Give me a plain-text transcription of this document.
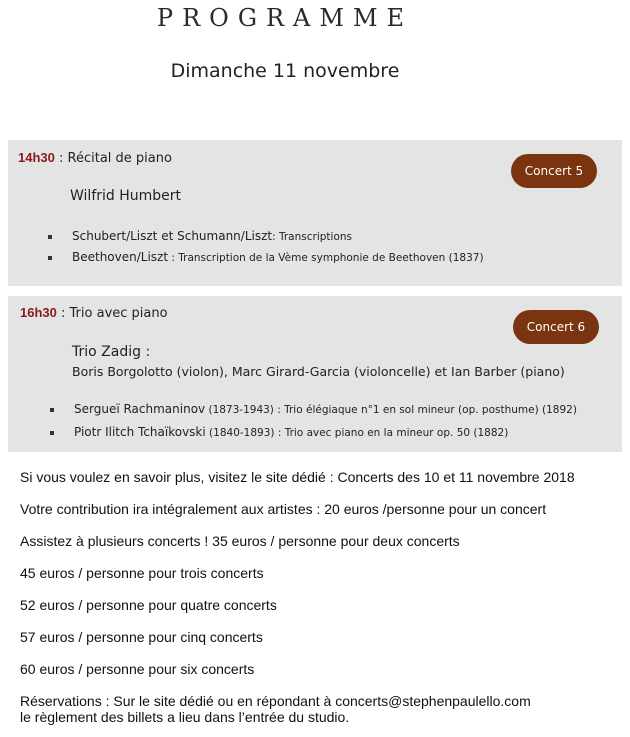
PROGRAMME
Dimanche 11 novembre
14h30 : Récital de piano
Concert 5
Wilfrid Humbert
Schubert/Liszt et Schumann/Liszt: Transcriptions
Beethoven/Liszt : Transcription de la Vème symphonie de Beethoven (1837)
16h30 : Trio avec piano
Concert 6
Trio Zadig :
Boris Borgolotto (violon), Marc Girard-Garcia (violoncelle) et Ian Barber (piano)
Sergueï Rachmaninov (1873-1943) : Trio élégiaque n°1 en sol mineur (op. posthume) (1892)
Piotr Ilitch Tchaïkovski (1840-1893) : Trio avec piano en la mineur op. 50 (1882)
Si vous voulez en savoir plus, visitez le site dédié : Concerts des 10 et 11 novembre 2018
Votre contribution ira intégralement aux artistes : 20 euros /personne pour un concert
Assistez à plusieurs concerts ! 35 euros / personne pour deux concerts
45 euros / personne pour trois concerts
52 euros / personne pour quatre concerts
57 euros / personne pour cinq concerts
60 euros / personne pour six concerts
Réservations : Sur le site dédié ou en répondant à concerts@stephenpaulello.com
le règlement des billets a lieu dans l’entrée du studio.
